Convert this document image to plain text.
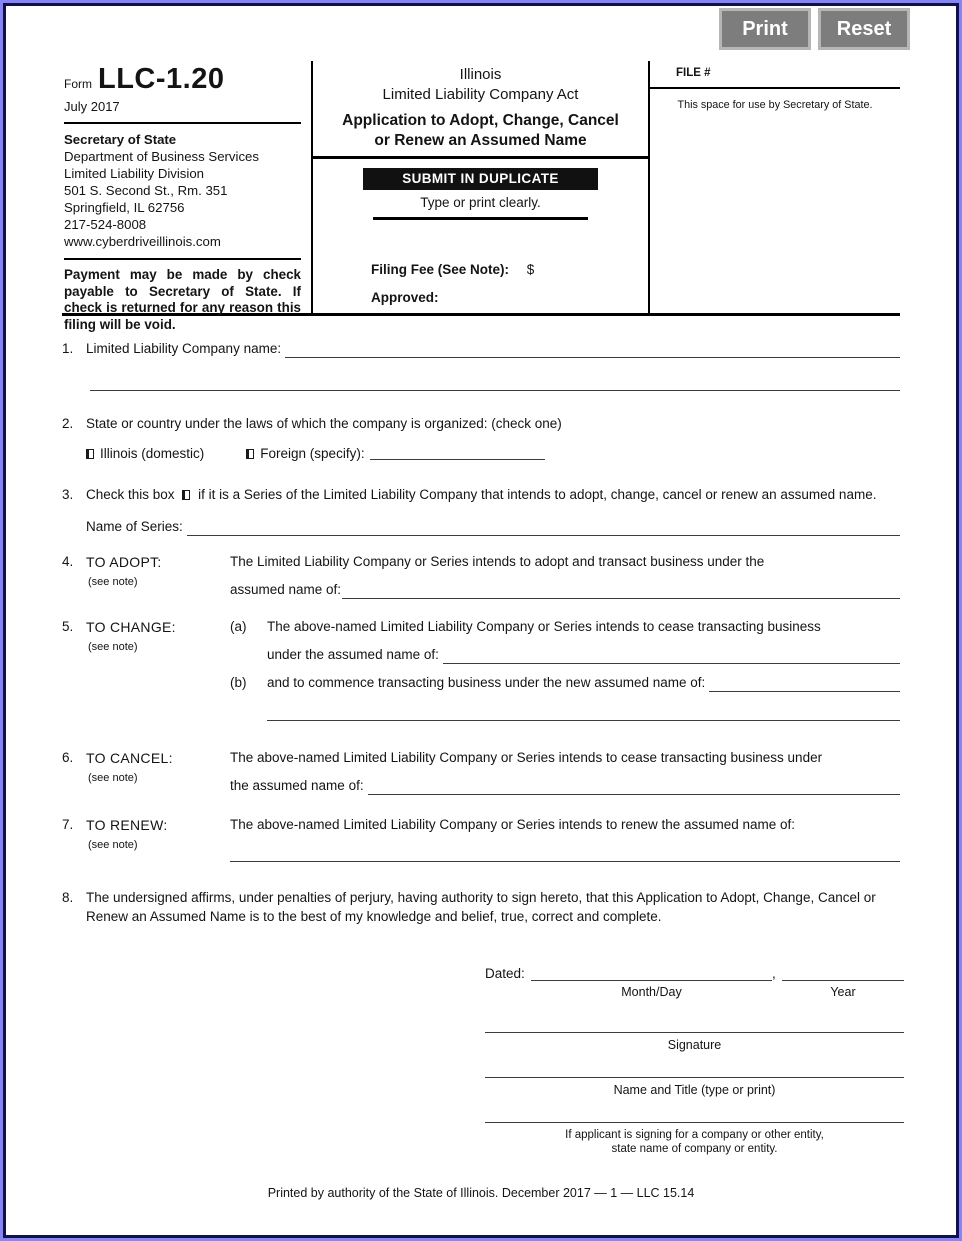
Print	Reset
Form LLC-1.20
July 2017
Secretary of State
Department of Business Services
Limited Liability Division
501 S. Second St., Rm. 351
Springfield, IL 62756
217-524-8008
www.cyberdriveillinois.com
Payment may be made by check payable to Secretary of State. If check is returned for any reason this filing will be void.
Illinois
Limited Liability Company Act
Application to Adopt, Change, Cancel
or Renew an Assumed Name
SUBMIT IN DUPLICATE
Type or print clearly.
Filing Fee (See Note): $
Approved:
FILE #
This space for use by Secretary of State.
1. Limited Liability Company name:
2. State or country under the laws of which the company is organized: (check one)
Illinois (domestic)	Foreign (specify):
3. Check this box if it is a Series of the Limited Liability Company that intends to adopt, change, cancel or renew an assumed name.
Name of Series:
4. TO ADOPT:
(see note)
The Limited Liability Company or Series intends to adopt and transact business under the
assumed name of:
5. TO CHANGE:
(see note)
(a)	The above-named Limited Liability Company or Series intends to cease transacting business
under the assumed name of:
(b)	and to commence transacting business under the new assumed name of:
6. TO CANCEL:
(see note)
The above-named Limited Liability Company or Series intends to cease transacting business under
the assumed name of:
7. TO RENEW:
(see note)
The above-named Limited Liability Company or Series intends to renew the assumed name of:
8. The undersigned affirms, under penalties of perjury, having authority to sign hereto, that this Application to Adopt, Change, Cancel or Renew an Assumed Name is to the best of my knowledge and belief, true, correct and complete.
Dated:	,
Month/Day	Year
Signature
Name and Title (type or print)
If applicant is signing for a company or other entity,
state name of company or entity.
Printed by authority of the State of Illinois. December 2017 — 1 — LLC 15.14
